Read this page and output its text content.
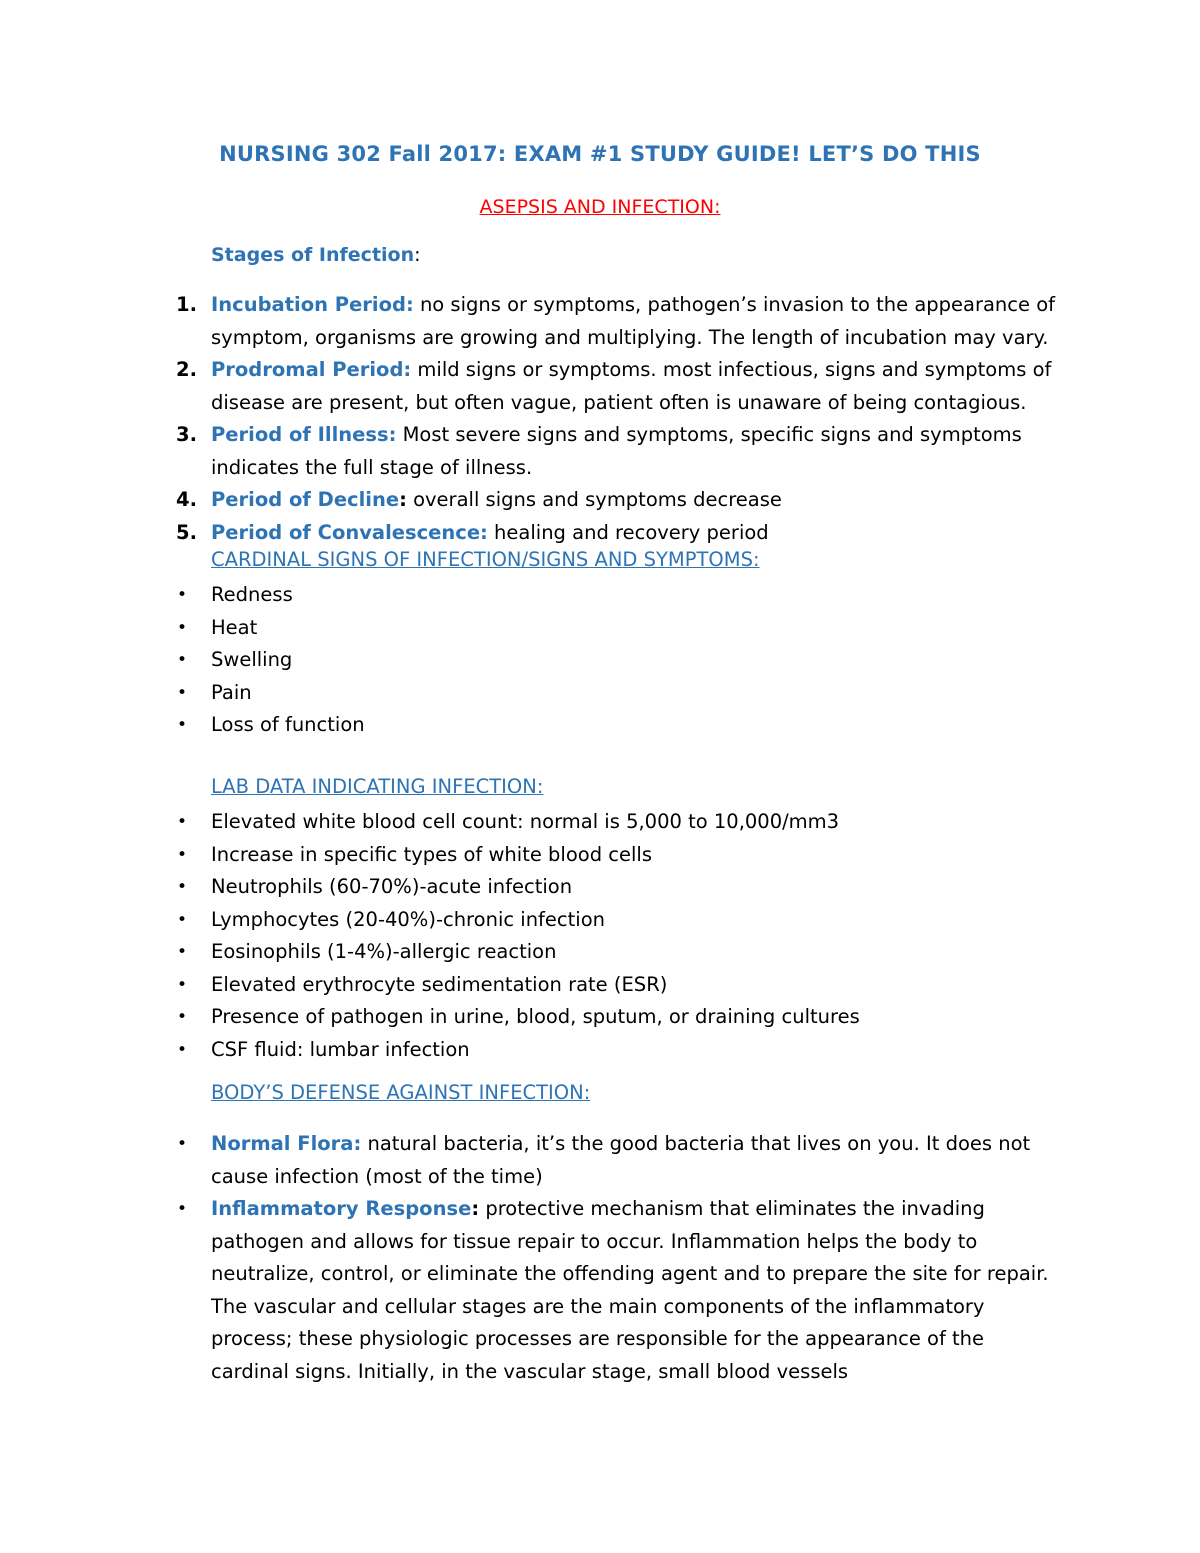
NURSING 302 Fall 2017: EXAM #1 STUDY GUIDE! LET’S DO THIS
ASEPSIS AND INFECTION:
Stages of Infection:
1. Incubation Period: no signs or symptoms, pathogen’s invasion to the appearance of symptom, organisms are growing and multiplying. The length of incubation may vary.
2. Prodromal Period: mild signs or symptoms. most infectious, signs and symptoms of disease are present, but often vague, patient often is unaware of being contagious.
3. Period of Illness: Most severe signs and symptoms, specific signs and symptoms indicates the full stage of illness.
4. Period of Decline: overall signs and symptoms decrease
5. Period of Convalescence: healing and recovery period
CARDINAL SIGNS OF INFECTION/SIGNS AND SYMPTOMS:
• Redness
• Heat
• Swelling
• Pain
• Loss of function
LAB DATA INDICATING INFECTION:
• Elevated white blood cell count: normal is 5,000 to 10,000/mm3
• Increase in specific types of white blood cells
• Neutrophils (60-70%)-acute infection
• Lymphocytes (20-40%)-chronic infection
• Eosinophils (1-4%)-allergic reaction
• Elevated erythrocyte sedimentation rate (ESR)
• Presence of pathogen in urine, blood, sputum, or draining cultures
• CSF fluid: lumbar infection
BODY’S DEFENSE AGAINST INFECTION:
• Normal Flora: natural bacteria, it’s the good bacteria that lives on you. It does not cause infection (most of the time)
• Inflammatory Response: protective mechanism that eliminates the invading pathogen and allows for tissue repair to occur. Inflammation helps the body to neutralize, control, or eliminate the offending agent and to prepare the site for repair. The vascular and cellular stages are the main components of the inflammatory process; these physiologic processes are responsible for the appearance of the cardinal signs. Initially, in the vascular stage, small blood vessels
